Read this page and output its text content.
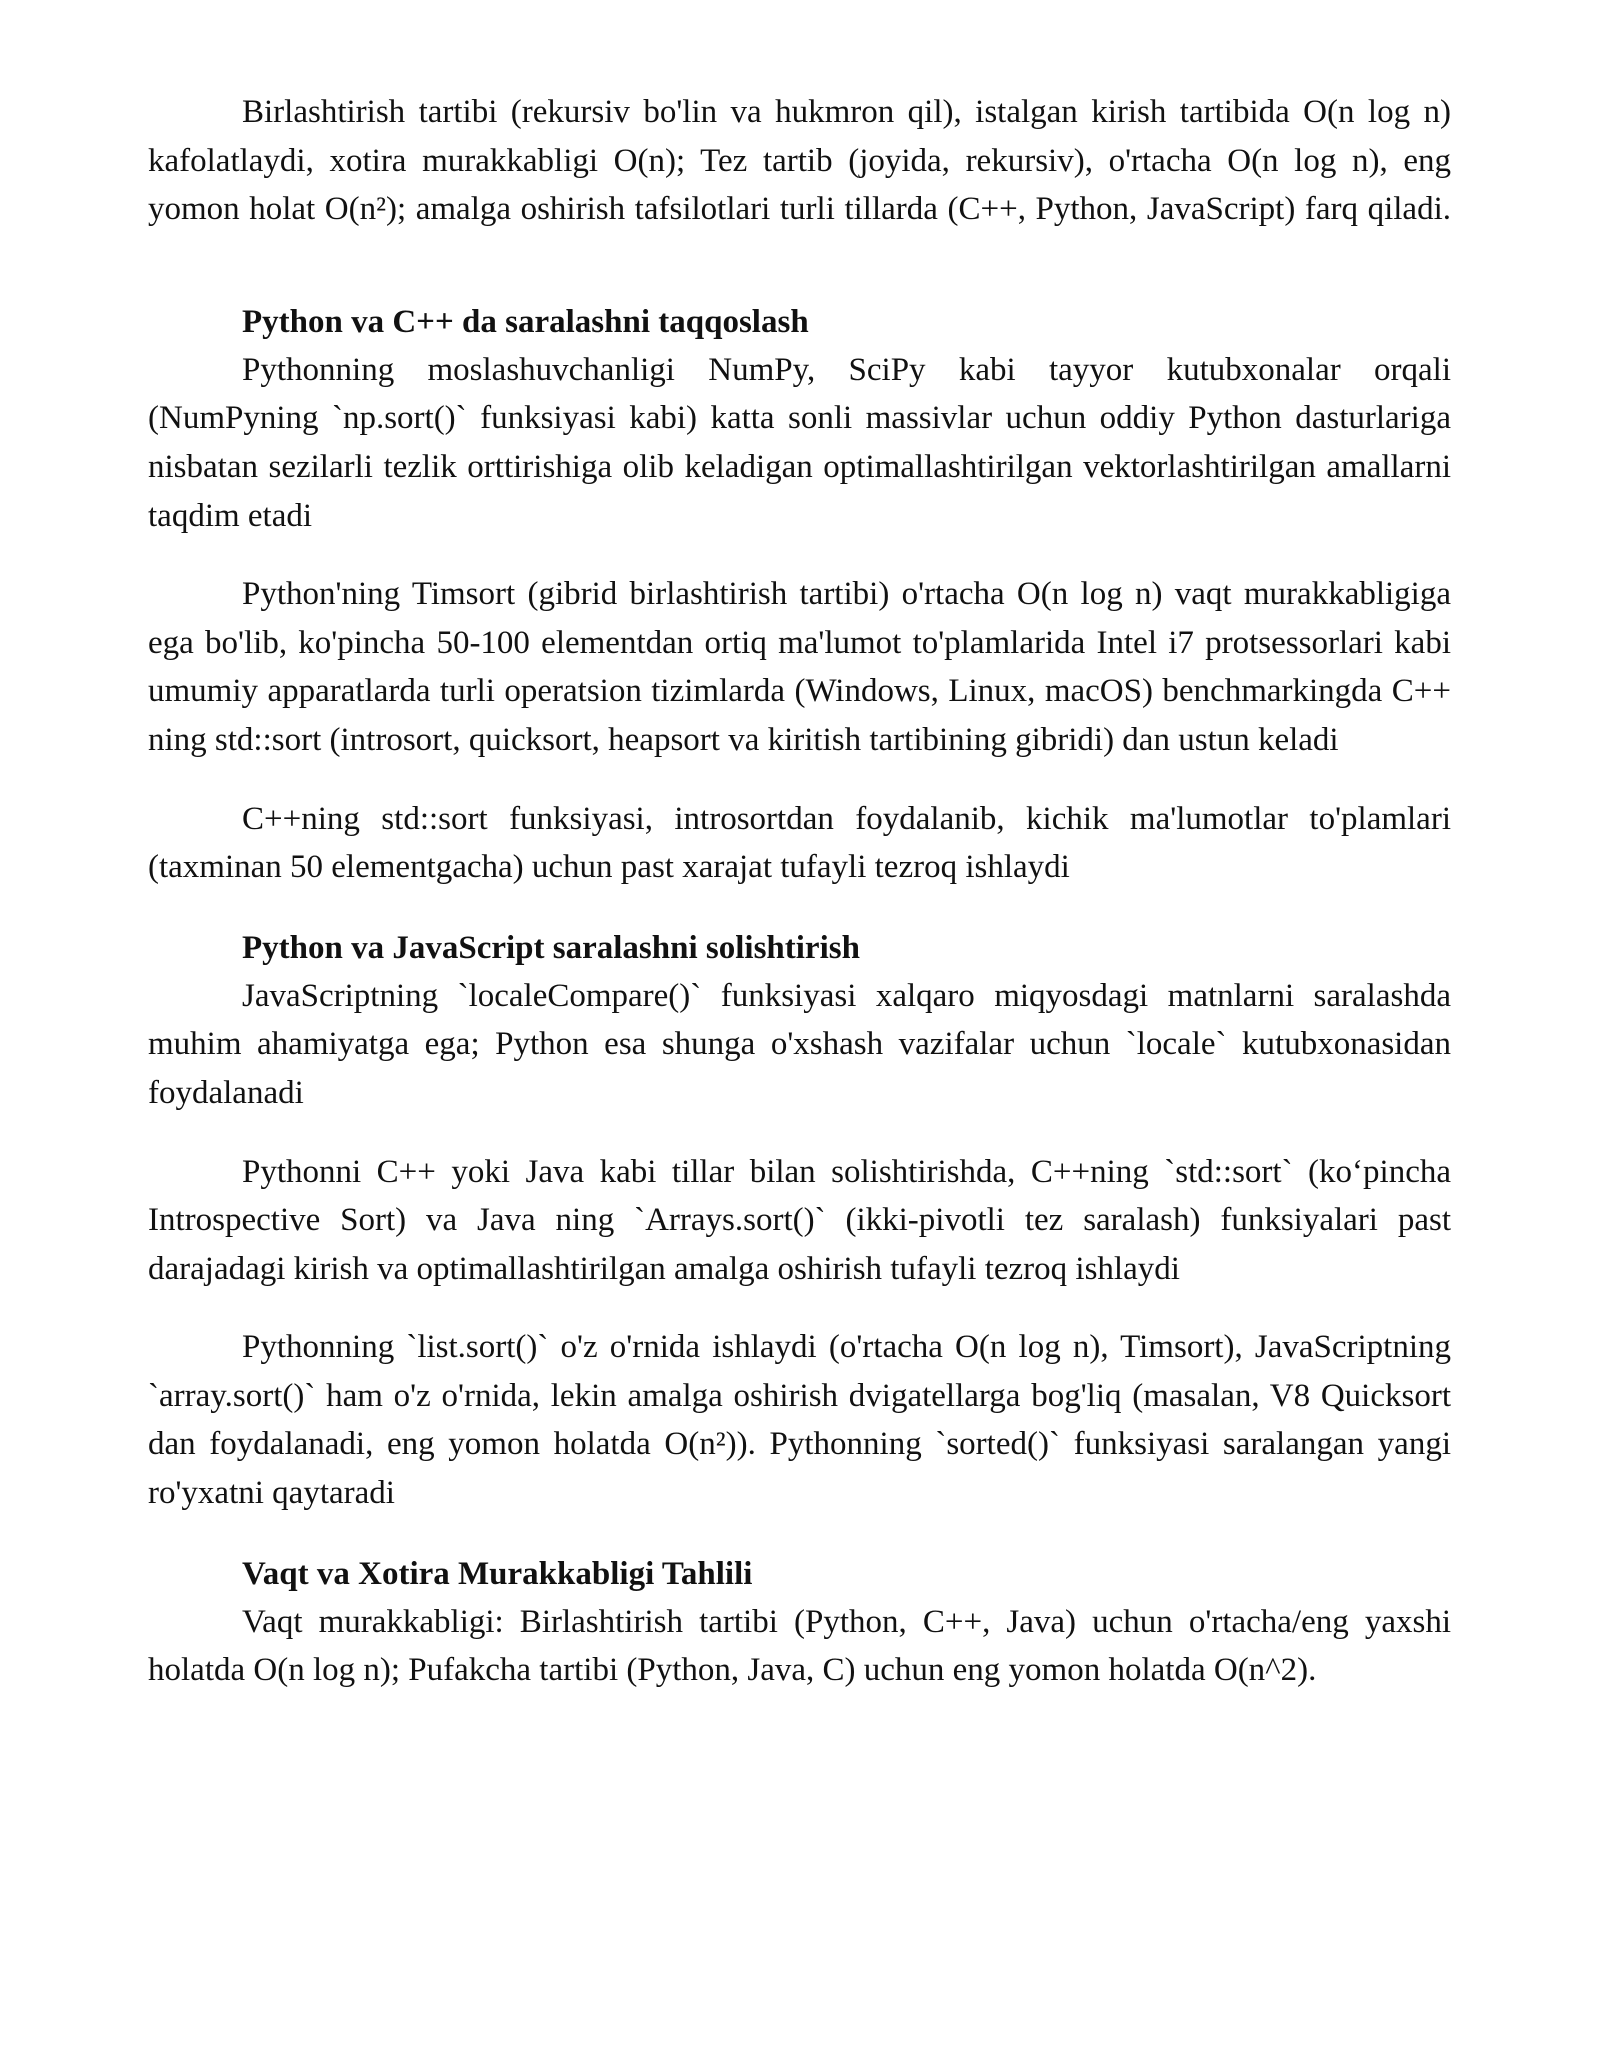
Birlashtirish tartibi (rekursiv bo'lin va hukmron qil), istalgan kirish tartibida O(n log n) kafolatlaydi, xotira murakkabligi O(n); Tez tartib (joyida, rekursiv), o'rtacha O(n log n), eng yomon holat O(n²); amalga oshirish tafsilotlari turli tillarda (C++, Python, JavaScript) farq qiladi.

Python va C++ da saralashni taqqoslash

Pythonning moslashuvchanligi NumPy, SciPy kabi tayyor kutubxonalar orqali (NumPyning `np.sort()` funksiyasi kabi) katta sonli massivlar uchun oddiy Python dasturlariga nisbatan sezilarli tezlik orttirishiga olib keladigan optimallashtirilgan vektorlashtirilgan amallarni taqdim etadi

Python'ning Timsort (gibrid birlashtirish tartibi) o'rtacha O(n log n) vaqt murakkabligiga ega bo'lib, ko'pincha 50-100 elementdan ortiq ma'lumot to'plamlarida Intel i7 protsessorlari kabi umumiy apparatlarda turli operatsion tizimlarda (Windows, Linux, macOS) benchmarkingda C++ ning std::sort (introsort, quicksort, heapsort va kiritish tartibining gibridi) dan ustun keladi

C++ning std::sort funksiyasi, introsortdan foydalanib, kichik ma'lumotlar to'plamlari (taxminan 50 elementgacha) uchun past xarajat tufayli tezroq ishlaydi

Python va JavaScript saralashni solishtirish

JavaScriptning `localeCompare()` funksiyasi xalqaro miqyosdagi matnlarni saralashda muhim ahamiyatga ega; Python esa shunga o'xshash vazifalar uchun `locale` kutubxonasidan foydalanadi

Pythonni C++ yoki Java kabi tillar bilan solishtirishda, C++ning `std::sort` (koʻpincha Introspective Sort) va Java ning `Arrays.sort()` (ikki-pivotli tez saralash) funksiyalari past darajadagi kirish va optimallashtirilgan amalga oshirish tufayli tezroq ishlaydi

Pythonning `list.sort()` o'z o'rnida ishlaydi (o'rtacha O(n log n), Timsort), JavaScriptning `array.sort()` ham o'z o'rnida, lekin amalga oshirish dvigatellarga bog'liq (masalan, V8 Quicksort dan foydalanadi, eng yomon holatda O(n²)). Pythonning `sorted()` funksiyasi saralangan yangi ro'yxatni qaytaradi

Vaqt va Xotira Murakkabligi Tahlili

Vaqt murakkabligi: Birlashtirish tartibi (Python, C++, Java) uchun o'rtacha/eng yaxshi holatda O(n log n); Pufakcha tartibi (Python, Java, C) uchun eng yomon holatda O(n^2).
